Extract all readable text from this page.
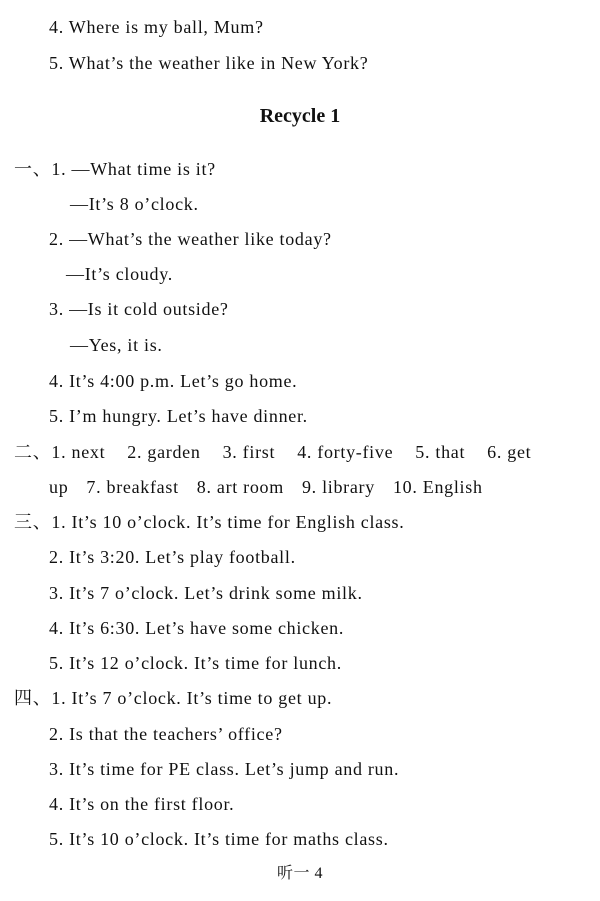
4. Where is my ball, Mum?
5. What’s the weather like in New York?
Recycle 1
一、1. —What time is it?
—It’s 8 o’clock.
2. —What’s the weather like today?
—It’s cloudy.
3. —Is it cold outside?
—Yes, it is.
4. It’s 4:00 p.m. Let’s go home.
5. I’m hungry. Let’s have dinner.
二、1. next 2. garden 3. first 4. forty-five 5. that 6. get
up 7. breakfast 8. art room 9. library 10. English
三、1. It’s 10 o’clock. It’s time for English class.
2. It’s 3:20. Let’s play football.
3. It’s 7 o’clock. Let’s drink some milk.
4. It’s 6:30. Let’s have some chicken.
5. It’s 12 o’clock. It’s time for lunch.
四、1. It’s 7 o’clock. It’s time to get up.
2. Is that the teachers’ office?
3. It’s time for PE class. Let’s jump and run.
4. It’s on the first floor.
5. It’s 10 o’clock. It’s time for maths class.
听一 4
